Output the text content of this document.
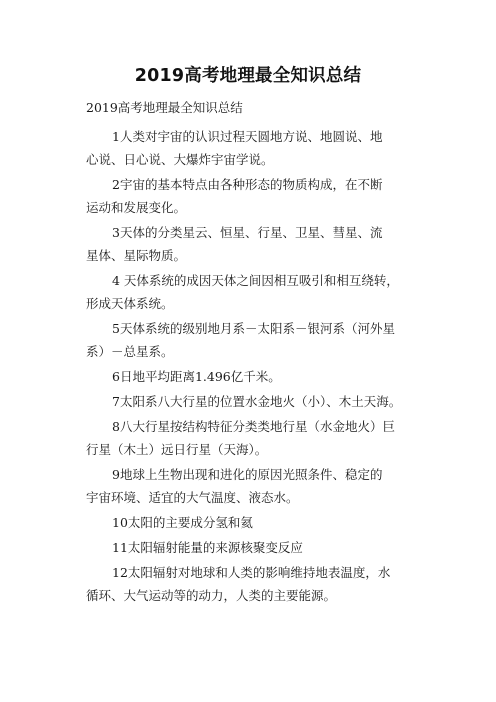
2019高考地理最全知识总结
2019高考地理最全知识总结
1人类对宇宙的认识过程天圆地方说、地圆说、地
心说、日心说、大爆炸宇宙学说。
2宇宙的基本特点由各种形态的物质构成，在不断
运动和发展变化。
3天体的分类星云、恒星、行星、卫星、彗星、流
星体、星际物质。
4 天体系统的成因天体之间因相互吸引和相互绕转，
形成天体系统。
5天体系统的级别地月系－太阳系－银河系（河外星
系）－总星系。
6日地平均距离1.496亿千米。
7太阳系八大行星的位置水金地火（小）、木土天海。
8八大行星按结构特征分类类地行星（水金地火）巨
行星（木土）远日行星（天海）。
9地球上生物出现和进化的原因光照条件、稳定的
宇宙环境、适宜的大气温度、液态水。
10太阳的主要成分氢和氦
11太阳辐射能量的来源核聚变反应
12太阳辐射对地球和人类的影响维持地表温度，水
循环、大气运动等的动力，人类的主要能源。
